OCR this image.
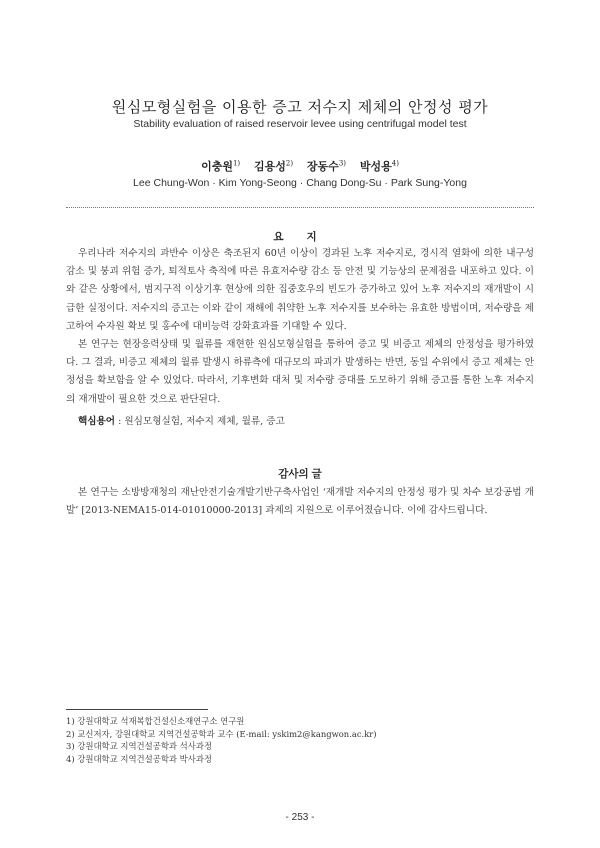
원심모형실험을 이용한 증고 저수지 제체의 안정성 평가
Stability evaluation of raised reservoir levee using centrifugal model test
이충원$^{1)}$ 김용성$^{2)}$ 장동수$^{3)}$ 박성용$^{4)}$
Lee Chung-Won · Kim Yong-Seong · Chang Dong-Su · Park Sung-Yong
요 지
우리나라 저수지의 과반수 이상은 축조된지 60년 이상이 경과된 노후 저수지로, 경시적 열화에 의한 내구성 감소 및 붕괴 위험 증가, 퇴적토사 축적에 따른 유효저수량 감소 등 안전 및 기능상의 문제점을 내포하고 있다. 이와 같은 상황에서, 범지구적 이상기후 현상에 의한 집중호우의 빈도가 증가하고 있어 노후 저수지의 재개발이 시급한 실정이다. 저수지의 증고는 이와 같이 재해에 취약한 노후 저수지를 보수하는 유효한 방법이며, 저수량을 제고하여 수자원 확보 및 홍수에 대비능력 강화효과를 기대할 수 있다.
본 연구는 현장응력상태 및 월류를 재현한 원심모형실험을 통하여 증고 및 비증고 제체의 안정성을 평가하였다. 그 결과, 비증고 제체의 월류 발생시 하류측에 대규모의 파괴가 발생하는 반면, 동일 수위에서 증고 제체는 안정성을 확보함을 알 수 있었다. 따라서, 기후변화 대처 및 저수량 증대를 도모하기 위해 증고를 통한 노후 저수지의 재개발이 필요한 것으로 판단된다.
핵심용어 : 원심모형실험, 저수지 제체, 월류, 증고
감사의 글
본 연구는 소방방재청의 재난안전기술개발기반구축사업인 ‘재개발 저수지의 안정성 평가 및 차수 보강공법 개발’ [2013-NEMA15-014-01010000-2013] 과제의 지원으로 이루어졌습니다. 이에 감사드립니다.
1) 강원대학교 석재복합건설신소재연구소 연구원
2) 교신저자, 강원대학교 지역건설공학과 교수 (E-mail: yskim2@kangwon.ac.kr)
3) 강원대학교 지역건설공학과 석사과정
4) 강원대학교 지역건설공학과 박사과정
- 253 -
